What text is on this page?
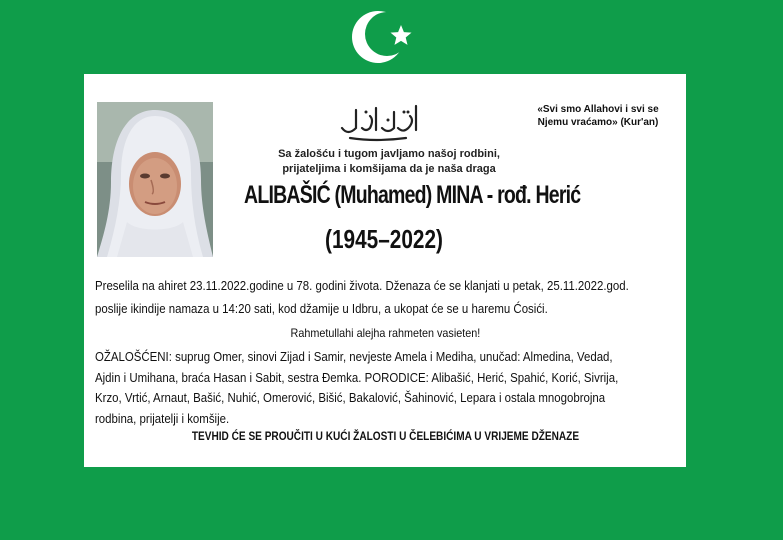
«Svi smo Allahovi i svi se
Njemu vraćamo» (Kur'an)
Sa žalošću i tugom javljamo našoj rodbini,
prijateljima i komšijama da je naša draga
ALIBAŠIĆ (Muhamed) MINA - rođ. Herić
(1945–2022)
Preselila na ahiret 23.11.2022.godine u 78. godini života. Dženaza će se klanjati u petak, 25.11.2022.god.
poslije ikindije namaza u 14:20 sati, kod džamije u Idbru, a ukopat će se u haremu Ćosići.
Rahmetullahi alejha rahmeten vasieten!
OŽALOŠĆENI: suprug Omer, sinovi Zijad i Samir, nevjeste Amela i Mediha, unučad: Almedina, Vedad,
Ajdin i Umihana, braća Hasan i Sabit, sestra Đemka. PORODICE: Alibašić, Herić, Spahić, Korić, Sivrija,
Krzo, Vrtić, Arnaut, Bašić, Nuhić, Omerović, Bišić, Bakalović, Šahinović, Lepara i ostala mnogobrojna
rodbina, prijatelji i komšije.
TEVHID ĆE SE PROUČITI U KUĆI ŽALOSTI U ČELEBIĆIMA U VRIJEME DŽENAZE
